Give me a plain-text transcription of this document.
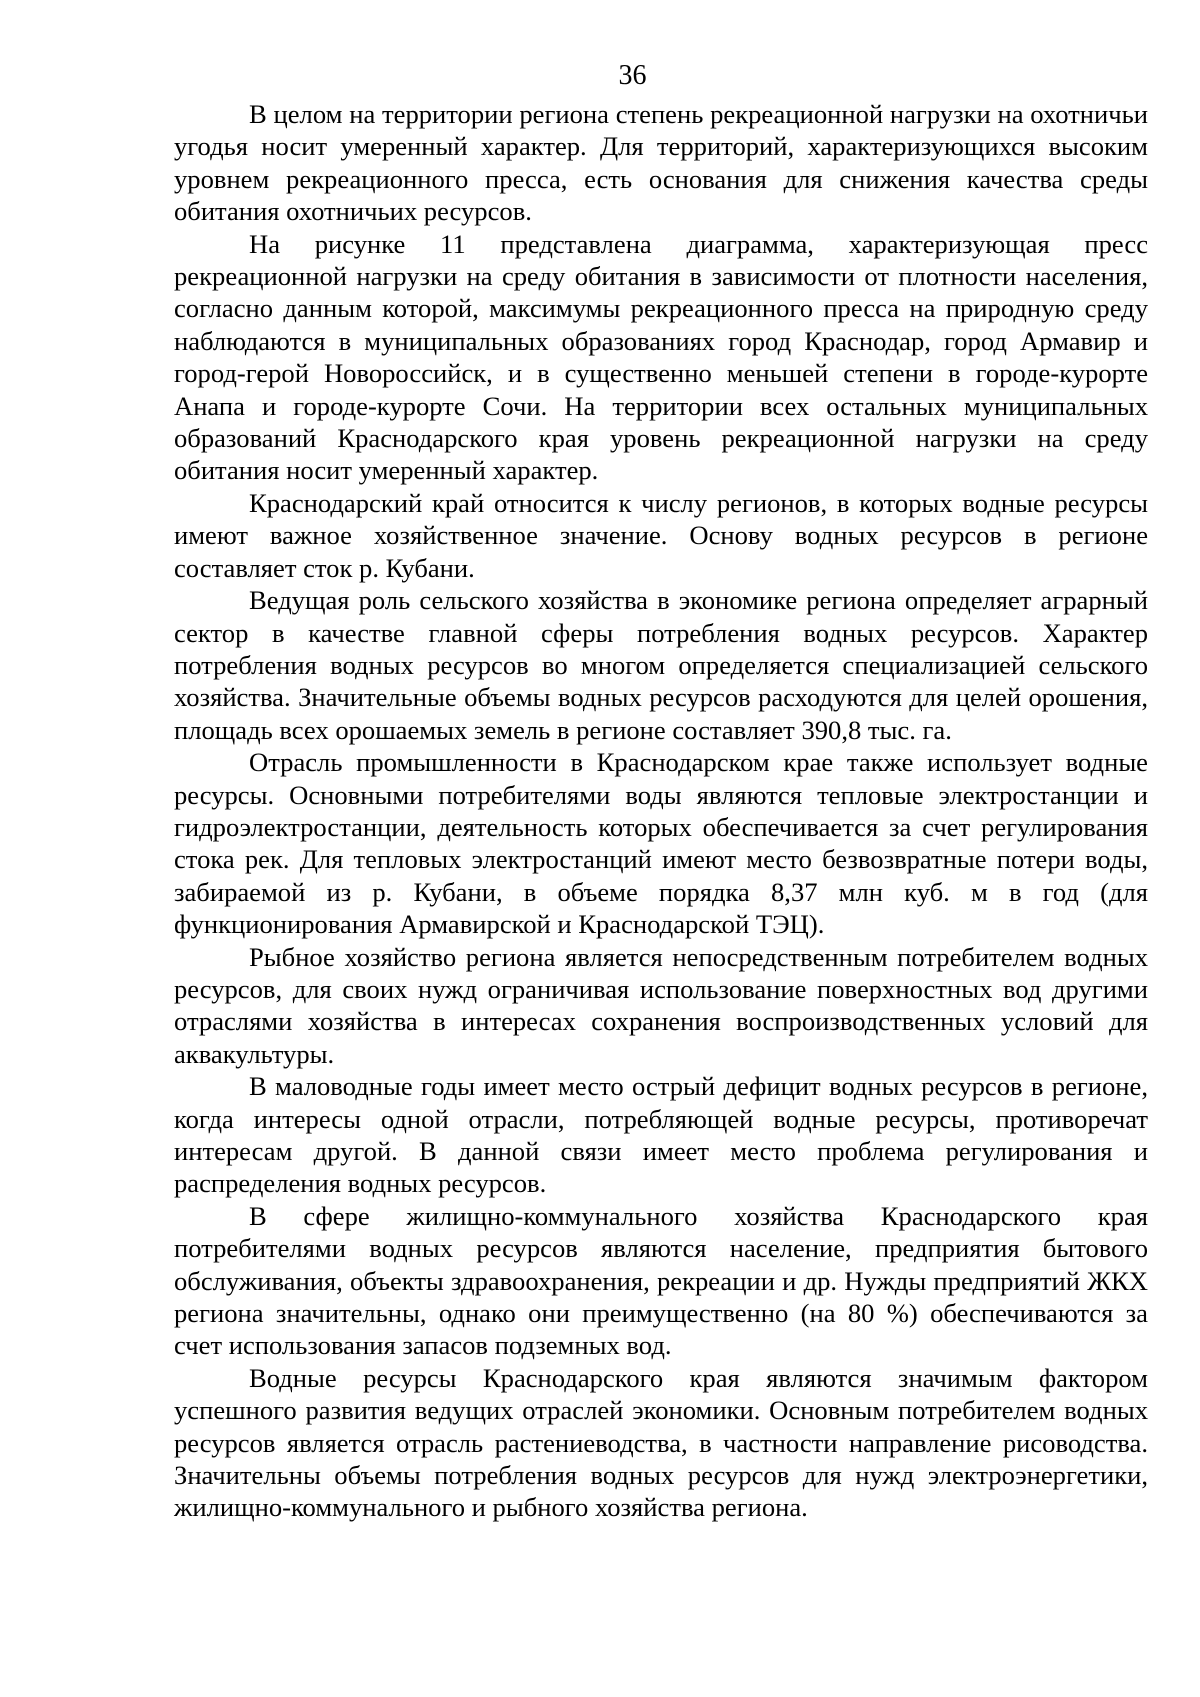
36

В целом на территории региона степень рекреационной нагрузки на охотничьи угодья носит умеренный характер. Для территорий, характеризующихся высоким уровнем рекреационного пресса, есть основания для снижения качества среды обитания охотничьих ресурсов.

На рисунке 11 представлена диаграмма, характеризующая пресс рекреационной нагрузки на среду обитания в зависимости от плотности населения, согласно данным которой, максимумы рекреационного пресса на природную среду наблюдаются в муниципальных образованиях город Краснодар, город Армавир и город-герой Новороссийск, и в существенно меньшей степени в городе-курорте Анапа и городе-курорте Сочи. На территории всех остальных муниципальных образований Краснодарского края уровень рекреационной нагрузки на среду обитания носит умеренный характер.

Краснодарский край относится к числу регионов, в которых водные ресурсы имеют важное хозяйственное значение. Основу водных ресурсов в регионе составляет сток р. Кубани.

Ведущая роль сельского хозяйства в экономике региона определяет аграрный сектор в качестве главной сферы потребления водных ресурсов. Характер потребления водных ресурсов во многом определяется специализацией сельского хозяйства. Значительные объемы водных ресурсов расходуются для целей орошения, площадь всех орошаемых земель в регионе составляет 390,8 тыс. га.

Отрасль промышленности в Краснодарском крае также использует водные ресурсы. Основными потребителями воды являются тепловые электростанции и гидроэлектростанции, деятельность которых обеспечивается за счет регулирования стока рек. Для тепловых электростанций имеют место безвозвратные потери воды, забираемой из р. Кубани, в объеме порядка 8,37 млн куб. м в год (для функционирования Армавирской и Краснодарской ТЭЦ).

Рыбное хозяйство региона является непосредственным потребителем водных ресурсов, для своих нужд ограничивая использование поверхностных вод другими отраслями хозяйства в интересах сохранения воспроизводственных условий для аквакультуры.

В маловодные годы имеет место острый дефицит водных ресурсов в регионе, когда интересы одной отрасли, потребляющей водные ресурсы, противоречат интересам другой. В данной связи имеет место проблема регулирования и распределения водных ресурсов.

В сфере жилищно-коммунального хозяйства Краснодарского края потребителями водных ресурсов являются население, предприятия бытового обслуживания, объекты здравоохранения, рекреации и др. Нужды предприятий ЖКХ региона значительны, однако они преимущественно (на 80 %) обеспечиваются за счет использования запасов подземных вод.

Водные ресурсы Краснодарского края являются значимым фактором успешного развития ведущих отраслей экономики. Основным потребителем водных ресурсов является отрасль растениеводства, в частности направление рисоводства. Значительны объемы потребления водных ресурсов для нужд электроэнергетики, жилищно-коммунального и рыбного хозяйства региона.
